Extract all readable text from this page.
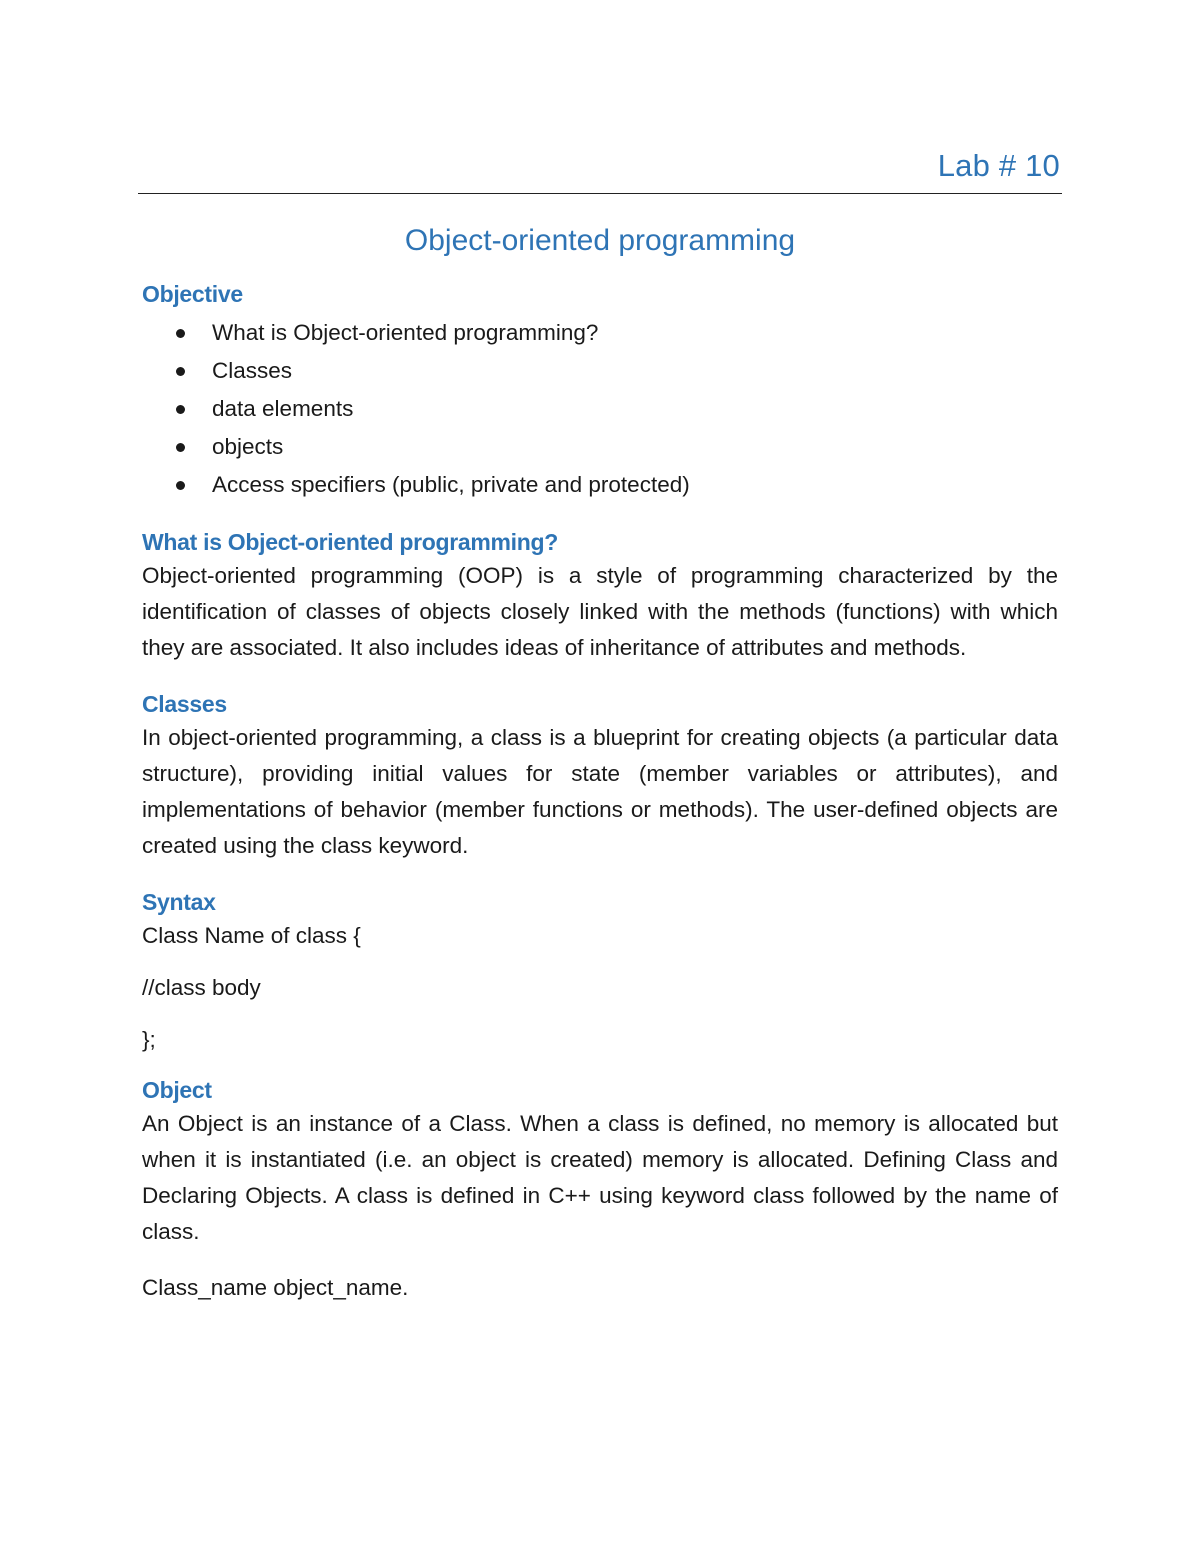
Lab # 10
Object-oriented programming
Objective
What is Object-oriented programming?
Classes
data elements
objects
Access specifiers (public, private and protected)
What is Object-oriented programming?

Object-oriented programming (OOP) is a style of programming characterized by the identification of classes of objects closely linked with the methods (functions) with which they are associated. It also includes ideas of inheritance of attributes and methods.

Classes

In object-oriented programming, a class is a blueprint for creating objects (a particular data structure), providing initial values for state (member variables or attributes), and implementations of behavior (member functions or methods). The user-defined objects are created using the class keyword.

Syntax

Class Name of class {

//class body

};

Object

An Object is an instance of a Class. When a class is defined, no memory is allocated but when it is instantiated (i.e. an object is created) memory is allocated. Defining Class and Declaring Objects. A class is defined in C++ using keyword class followed by the name of class.

Class_name object_name.
